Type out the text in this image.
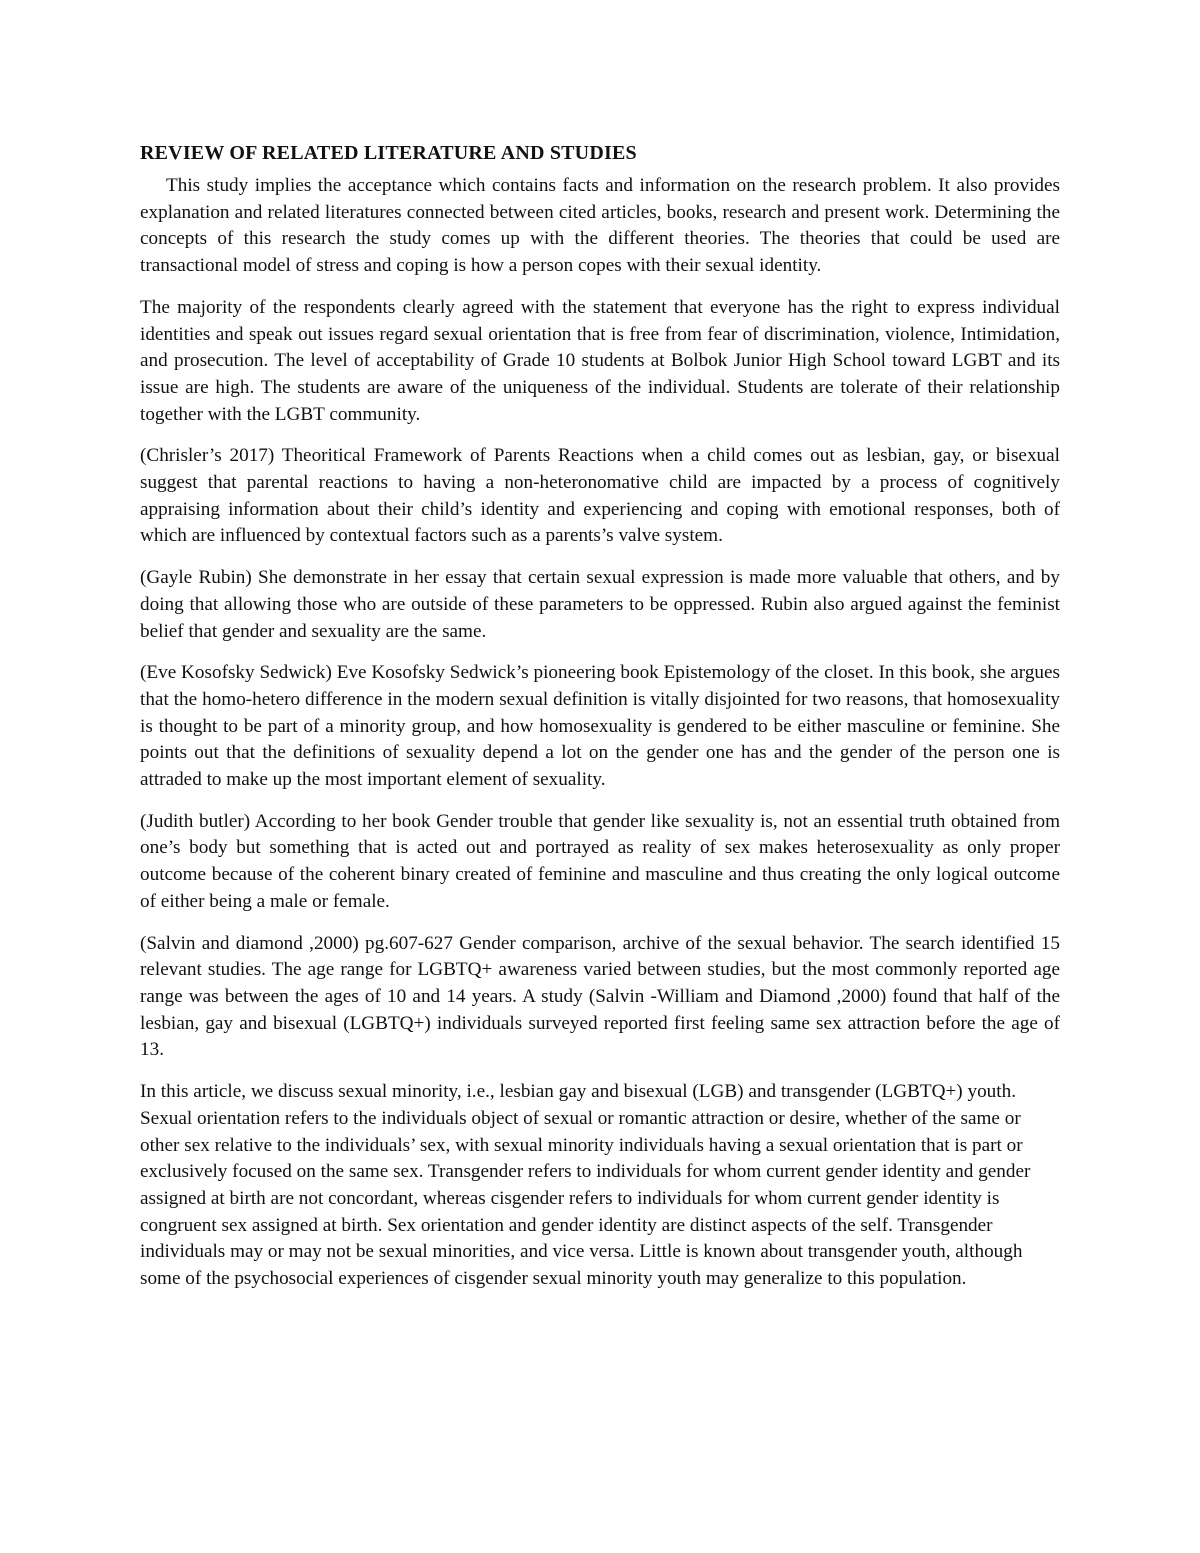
REVIEW OF RELATED LITERATURE AND STUDIES

This study implies the acceptance which contains facts and information on the research problem. It also provides explanation and related literatures connected between cited articles, books, research and present work. Determining the concepts of this research the study comes up with the different theories. The theories that could be used are transactional model of stress and coping is how a person copes with their sexual identity.

The majority of the respondents clearly agreed with the statement that everyone has the right to express individual identities and speak out issues regard sexual orientation that is free from fear of discrimination, violence, Intimidation, and prosecution. The level of acceptability of Grade 10 students at Bolbok Junior High School toward LGBT and its issue are high. The students are aware of the uniqueness of the individual. Students are tolerate of their relationship together with the LGBT community.

(Chrisler’s 2017) Theoritical Framework of Parents Reactions when a child comes out as lesbian, gay, or bisexual suggest that parental reactions to having a non-heteronomative child are impacted by a process of cognitively appraising information about their child’s identity and experiencing and coping with emotional responses, both of which are influenced by contextual factors such as a parents’s valve system.

(Gayle Rubin) She demonstrate in her essay that certain sexual expression is made more valuable that others, and by doing that allowing those who are outside of these parameters to be oppressed. Rubin also argued against the feminist belief that gender and sexuality are the same.

(Eve Kosofsky Sedwick) Eve Kosofsky Sedwick’s pioneering book Epistemology of the closet. In this book, she argues that the homo-hetero difference in the modern sexual definition is vitally disjointed for two reasons, that homosexuality is thought to be part of a minority group, and how homosexuality is gendered to be either masculine or feminine. She points out that the definitions of sexuality depend a lot on the gender one has and the gender of the person one is attraded to make up the most important element of sexuality.

(Judith butler) According to her book Gender trouble that gender like sexuality is, not an essential truth obtained from one’s body but something that is acted out and portrayed as reality of sex makes heterosexuality as only proper outcome because of the coherent binary created of feminine and masculine and thus creating the only logical outcome of either being a male or female.

(Salvin and diamond ,2000) pg.607-627 Gender comparison, archive of the sexual behavior. The search identified 15 relevant studies. The age range for LGBTQ+ awareness varied between studies, but the most commonly reported age range was between the ages of 10 and 14 years. A study (Salvin -William and Diamond ,2000) found that half of the lesbian, gay and bisexual (LGBTQ+) individuals surveyed reported first feeling same sex attraction before the age of 13.

In this article, we discuss sexual minority, i.e., lesbian gay and bisexual (LGB) and transgender (LGBTQ+) youth. Sexual orientation refers to the individuals object of sexual or romantic attraction or desire, whether of the same or other sex relative to the individuals’ sex, with sexual minority individuals having a sexual orientation that is part or exclusively focused on the same sex. Transgender refers to individuals for whom current gender identity and gender assigned at birth are not concordant, whereas cisgender refers to individuals for whom current gender identity is congruent sex assigned at birth. Sex orientation and gender identity are distinct aspects of the self. Transgender individuals may or may not be sexual minorities, and vice versa. Little is known about transgender youth, although some of the psychosocial experiences of cisgender sexual minority youth may generalize to this population.
